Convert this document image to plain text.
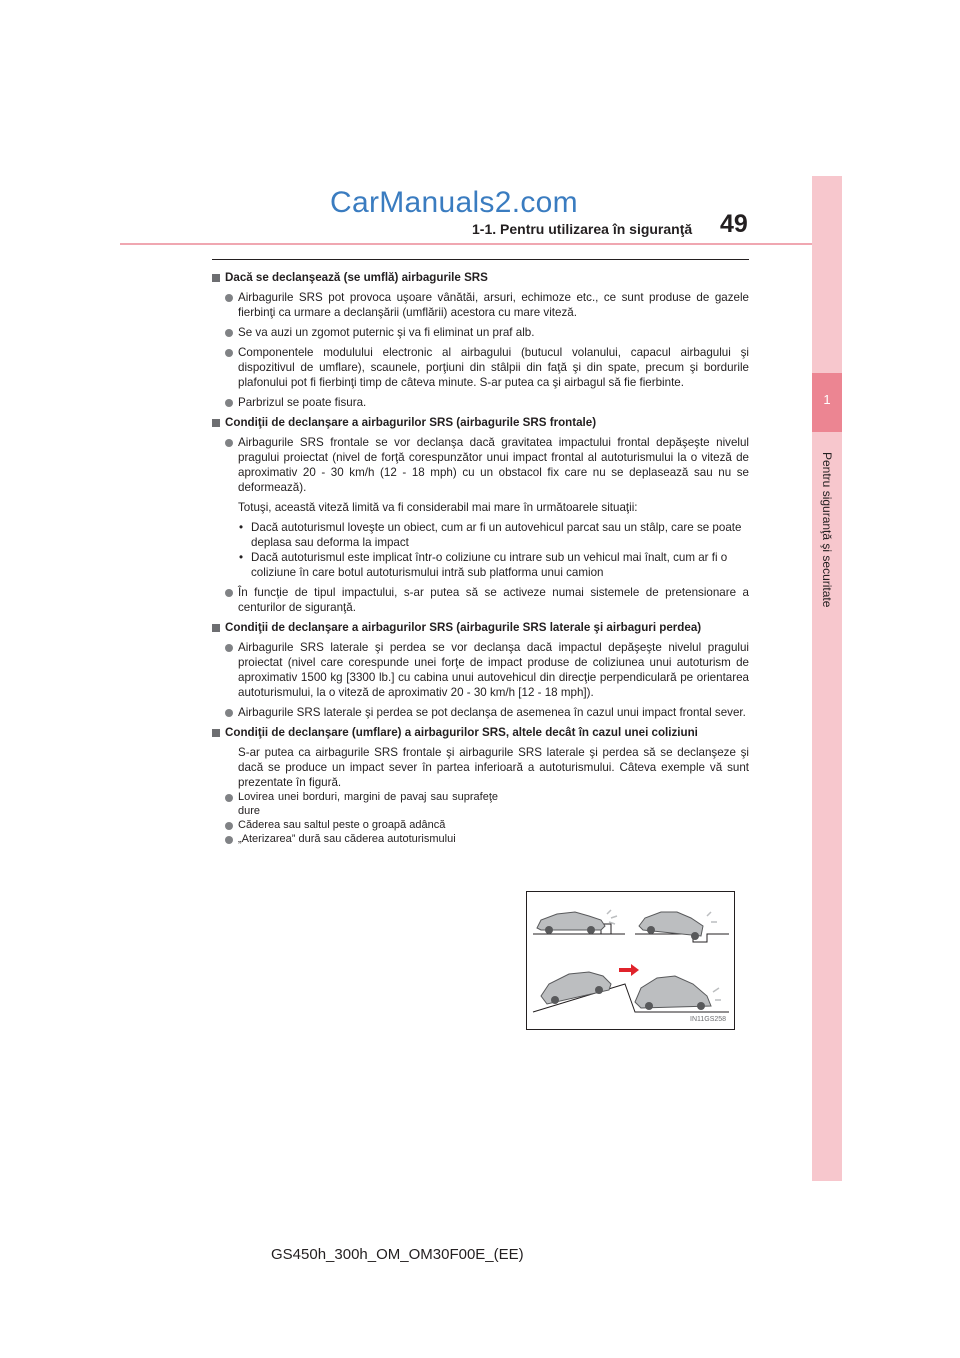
CarManuals2.com
1-1. Pentru utilizarea în siguranţă 49
1
Pentru siguranţă şi securitate

Dacă se declanşează (se umflă) airbagurile SRS

Airbagurile SRS pot provoca uşoare vânătăi, arsuri, echimoze etc., ce sunt produse de gazele fierbinţi ca urmare a declanşării (umflării) acestora cu mare viteză.

Se va auzi un zgomot puternic şi va fi eliminat un praf alb.

Componentele modulului electronic al airbagului (butucul volanului, capacul airbagului şi dispozitivul de umflare), scaunele, porţiuni din stâlpii din faţă şi din spate, precum şi bordurile plafonului pot fi fierbinţi timp de câteva minute. S-ar putea ca şi airbagul să fie fierbinte.

Parbrizul se poate fisura.

Condiţii de declanşare a airbagurilor SRS (airbagurile SRS frontale)

Airbagurile SRS frontale se vor declanşa dacă gravitatea impactului frontal depăşeşte nivelul pragului proiectat (nivel de forţă corespunzător unui impact frontal al autoturismului la o viteză de aproximativ 20 - 30 km/h (12 - 18 mph) cu un obstacol fix care nu se deplasează sau nu se deformează).

Totuşi, această viteză limită va fi considerabil mai mare în următoarele situaţii:

• Dacă autoturismul loveşte un obiect, cum ar fi un autovehicul parcat sau un stâlp, care se poate deplasa sau deforma la impact

• Dacă autoturismul este implicat într-o coliziune cu intrare sub un vehicul mai înalt, cum ar fi o coliziune în care botul autoturismului intră sub platforma unui camion

În funcţie de tipul impactului, s-ar putea să se activeze numai sistemele de pretensionare a centurilor de siguranţă.

Condiţii de declanşare a airbagurilor SRS (airbagurile SRS laterale şi airbaguri perdea)

Airbagurile SRS laterale şi perdea se vor declanşa dacă impactul depăşeşte nivelul pragului proiectat (nivel care corespunde unei forţe de impact produse de coliziunea unui autoturism de aproximativ 1500 kg [3300 lb.] cu cabina unui autovehicul din direcţie perpendiculară pe orientarea autoturismului, la o viteză de aproximativ 20 - 30 km/h [12 - 18 mph]).

Airbagurile SRS laterale şi perdea se pot declanşa de asemenea în cazul unui impact frontal sever.

Condiţii de declanşare (umflare) a airbagurilor SRS, altele decât în cazul unei coliziuni

S-ar putea ca airbagurile SRS frontale şi airbagurile SRS laterale şi perdea să se declanşeze şi dacă se produce un impact sever în partea inferioară a autoturismului. Câteva exemple vă sunt prezentate în figură.

Lovirea unei borduri, margini de pavaj sau suprafeţe dure

Căderea sau saltul peste o groapă adâncă

„Aterizarea” dură sau căderea autoturismului

IN11GS258
GS450h_300h_OM_OM30F00E_(EE)
